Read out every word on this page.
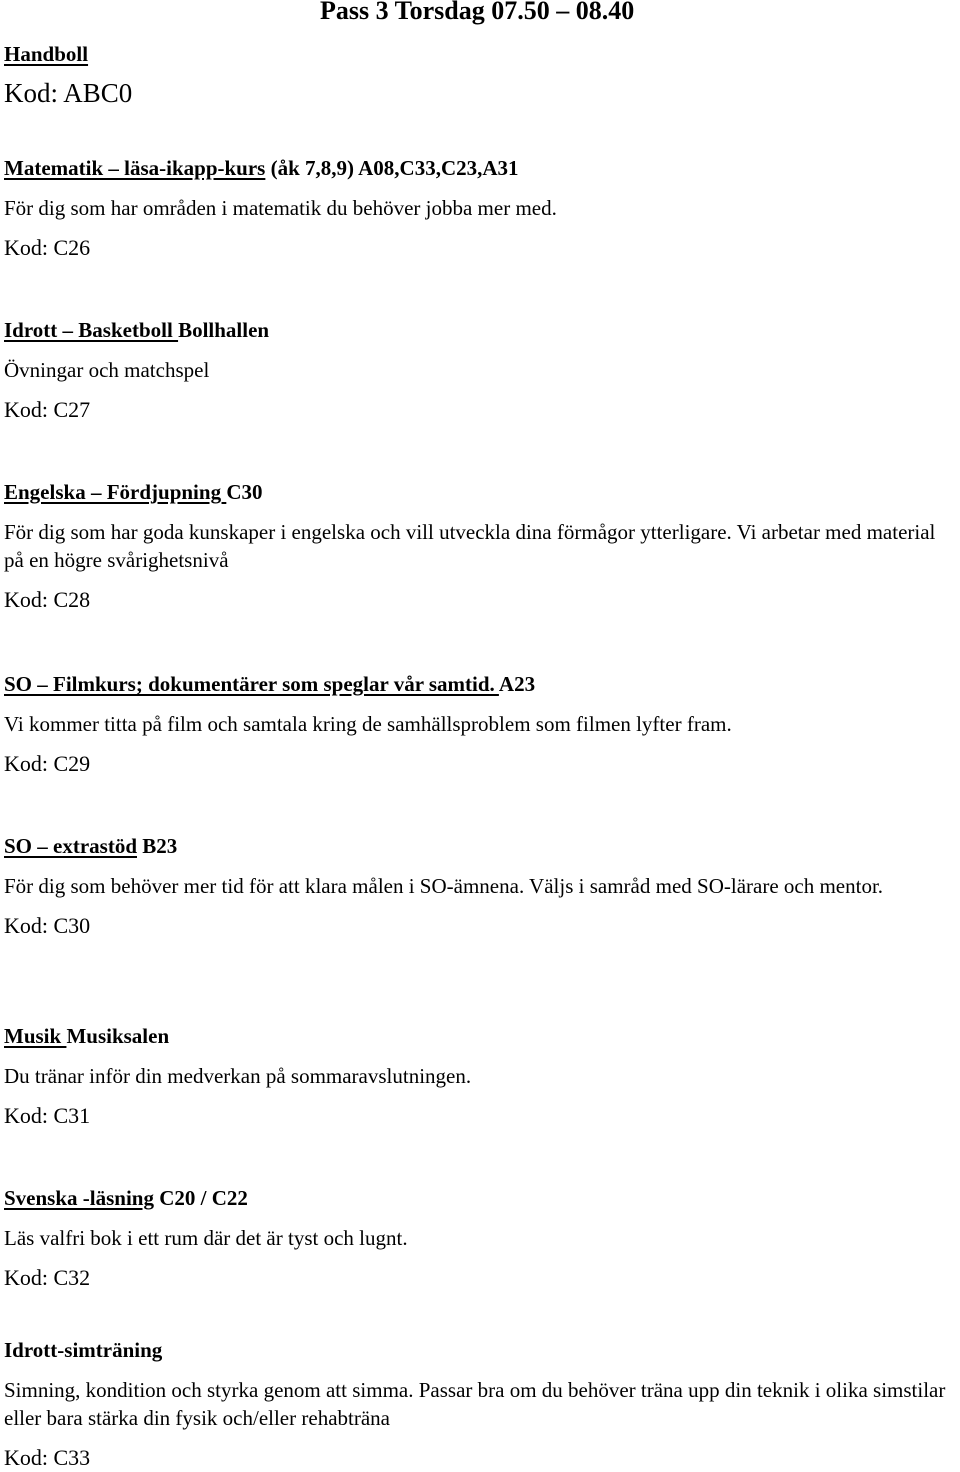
Pass 3 Torsdag 07.50 – 08.40
Handboll
Kod: ABC0
Matematik – läsa-ikapp-kurs (åk 7,8,9) A08,C33,C23,A31
För dig som har områden i matematik du behöver jobba mer med.
Kod: C26
Idrott – Basketboll Bollhallen
Övningar och matchspel
Kod: C27
Engelska – Fördjupning C30
För dig som har goda kunskaper i engelska och vill utveckla dina förmågor ytterligare. Vi arbetar med material på en högre svårighetsnivå
Kod: C28
SO – Filmkurs; dokumentärer som speglar vår samtid. A23
Vi kommer titta på film och samtala kring de samhällsproblem som filmen lyfter fram.
Kod: C29
SO – extrastöd B23
För dig som behöver mer tid för att klara målen i SO-ämnena. Väljs i samråd med SO-lärare och mentor.
Kod: C30
Musik Musiksalen
Du tränar inför din medverkan på sommaravslutningen.
Kod: C31
Svenska -läsning C20 / C22
Läs valfri bok i ett rum där det är tyst och lugnt.
Kod: C32
Idrott-simträning
Simning, kondition och styrka genom att simma. Passar bra om du behöver träna upp din teknik i olika simstilar eller bara stärka din fysik och/eller rehabträna
Kod: C33
